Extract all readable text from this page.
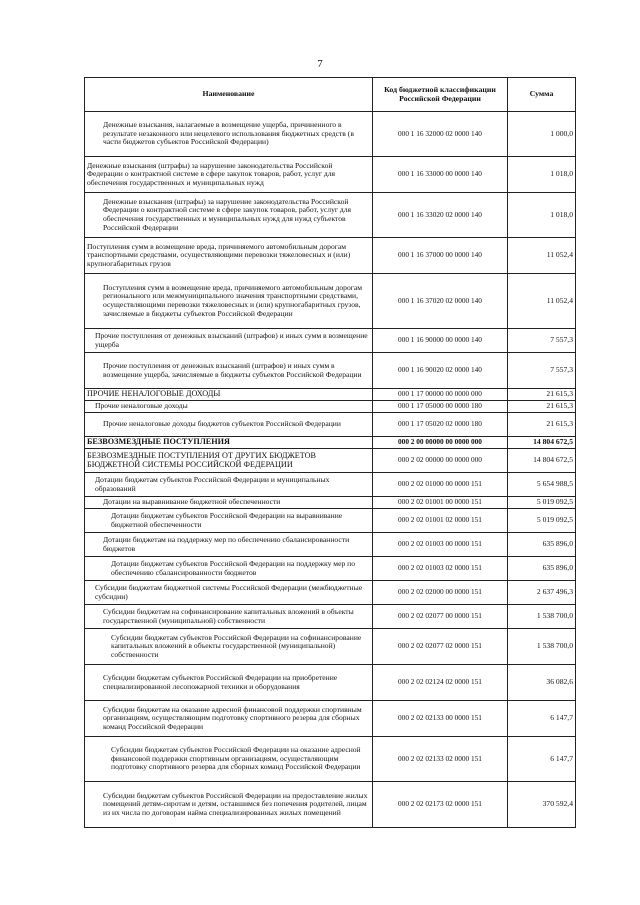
7
Наименование	Код бюджетной классификации Российской Федерации	Сумма
Денежные взыскания, налагаемые в возмещение ущерба, причиненного в результате незаконного или нецелевого использования бюджетных средств (в части бюджетов субъектов Российской Федерации)	000 1 16 32000 02 0000 140	1 000,0
Денежные взыскания (штрафы) за нарушение законодательства Российской Федерации о контрактной системе в сфере закупок товаров, работ, услуг для обеспечения государственных и муниципальных нужд	000 1 16 33000 00 0000 140	1 018,0
Денежные взыскания (штрафы) за нарушение законодательства Российской Федерации о контрактной системе в сфере закупок товаров, работ, услуг для обеспечения государственных и муниципальных нужд для нужд субъектов Российской Федерации	000 1 16 33020 02 0000 140	1 018,0
Поступления сумм в возмещение вреда, причиняемого автомобильным дорогам транспортными средствами, осуществляющими перевозки тяжеловесных и (или) крупногабаритных грузов	000 1 16 37000 00 0000 140	11 052,4
Поступления сумм в возмещение вреда, причиняемого автомобильным дорогам регионального или межмуниципального значения транспортными средствами, осуществляющими перевозки тяжеловесных и (или) крупногабаритных грузов, зачисляемые в бюджеты субъектов Российской Федерации	000 1 16 37020 02 0000 140	11 052,4
Прочие поступления от денежных взысканий (штрафов) и иных сумм в возмещение ущерба	000 1 16 90000 00 0000 140	7 557,3
Прочие поступления от денежных взысканий (штрафов) и иных сумм в возмещение ущерба, зачисляемые в бюджеты субъектов Российской Федерации	000 1 16 90020 02 0000 140	7 557,3
ПРОЧИЕ НЕНАЛОГОВЫЕ ДОХОДЫ	000 1 17 00000 00 0000 000	21 615,3
Прочие неналоговые доходы	000 1 17 05000 00 0000 180	21 615,3
Прочие неналоговые доходы бюджетов субъектов Российской Федерации	000 1 17 05020 02 0000 180	21 615,3
БЕЗВОЗМЕЗДНЫЕ ПОСТУПЛЕНИЯ	000 2 00 00000 00 0000 000	14 804 672,5
БЕЗВОЗМЕЗДНЫЕ ПОСТУПЛЕНИЯ ОТ ДРУГИХ БЮДЖЕТОВ БЮДЖЕТНОЙ СИСТЕМЫ РОССИЙСКОЙ ФЕДЕРАЦИИ	000 2 02 00000 00 0000 000	14 804 672,5
Дотации бюджетам субъектов Российской Федерации и муниципальных образований	000 2 02 01000 00 0000 151	5 654 988,5
Дотации на выравнивание бюджетной обеспеченности	000 2 02 01001 00 0000 151	5 019 092,5
Дотации бюджетам субъектов Российской Федерации на выравнивание бюджетной обеспеченности	000 2 02 01001 02 0000 151	5 019 092,5
Дотации бюджетам на поддержку мер по обеспечению сбалансированности бюджетов	000 2 02 01003 00 0000 151	635 896,0
Дотации бюджетам субъектов Российской Федерации на поддержку мер по обеспечению сбалансированности бюджетов	000 2 02 01003 02 0000 151	635 896,0
Субсидии бюджетам бюджетной системы Российской Федерации (межбюджетные субсидии)	000 2 02 02000 00 0000 151	2 637 496,3
Субсидии бюджетам на софинансирование капитальных вложений в объекты государственной (муниципальной) собственности	000 2 02 02077 00 0000 151	1 538 700,0
Субсидии бюджетам субъектов Российской Федерации на софинансирование капитальных вложений в объекты государственной (муниципальной) собственности	000 2 02 02077 02 0000 151	1 538 700,0
Субсидии бюджетам субъектов Российской Федерации на приобретение специализированной лесопожарной техники и оборудования	000 2 02 02124 02 0000 151	36 082,6
Субсидии бюджетам на оказание адресной финансовой поддержки спортивным организациям, осуществляющим подготовку спортивного резерва для сборных команд Российской Федерации	000 2 02 02133 00 0000 151	6 147,7
Субсидии бюджетам субъектов Российской Федерации на оказание адресной финансовой поддержки спортивным организациям, осуществляющим подготовку спортивного резерва для сборных команд Российской Федерации	000 2 02 02133 02 0000 151	6 147,7
Субсидии бюджетам субъектов Российской Федерации на предоставление жилых помещений детям-сиротам и детям, оставшимся без попечения родителей, лицам из их числа по договорам найма специализированных жилых помещений	000 2 02 02173 02 0000 151	370 592,4
